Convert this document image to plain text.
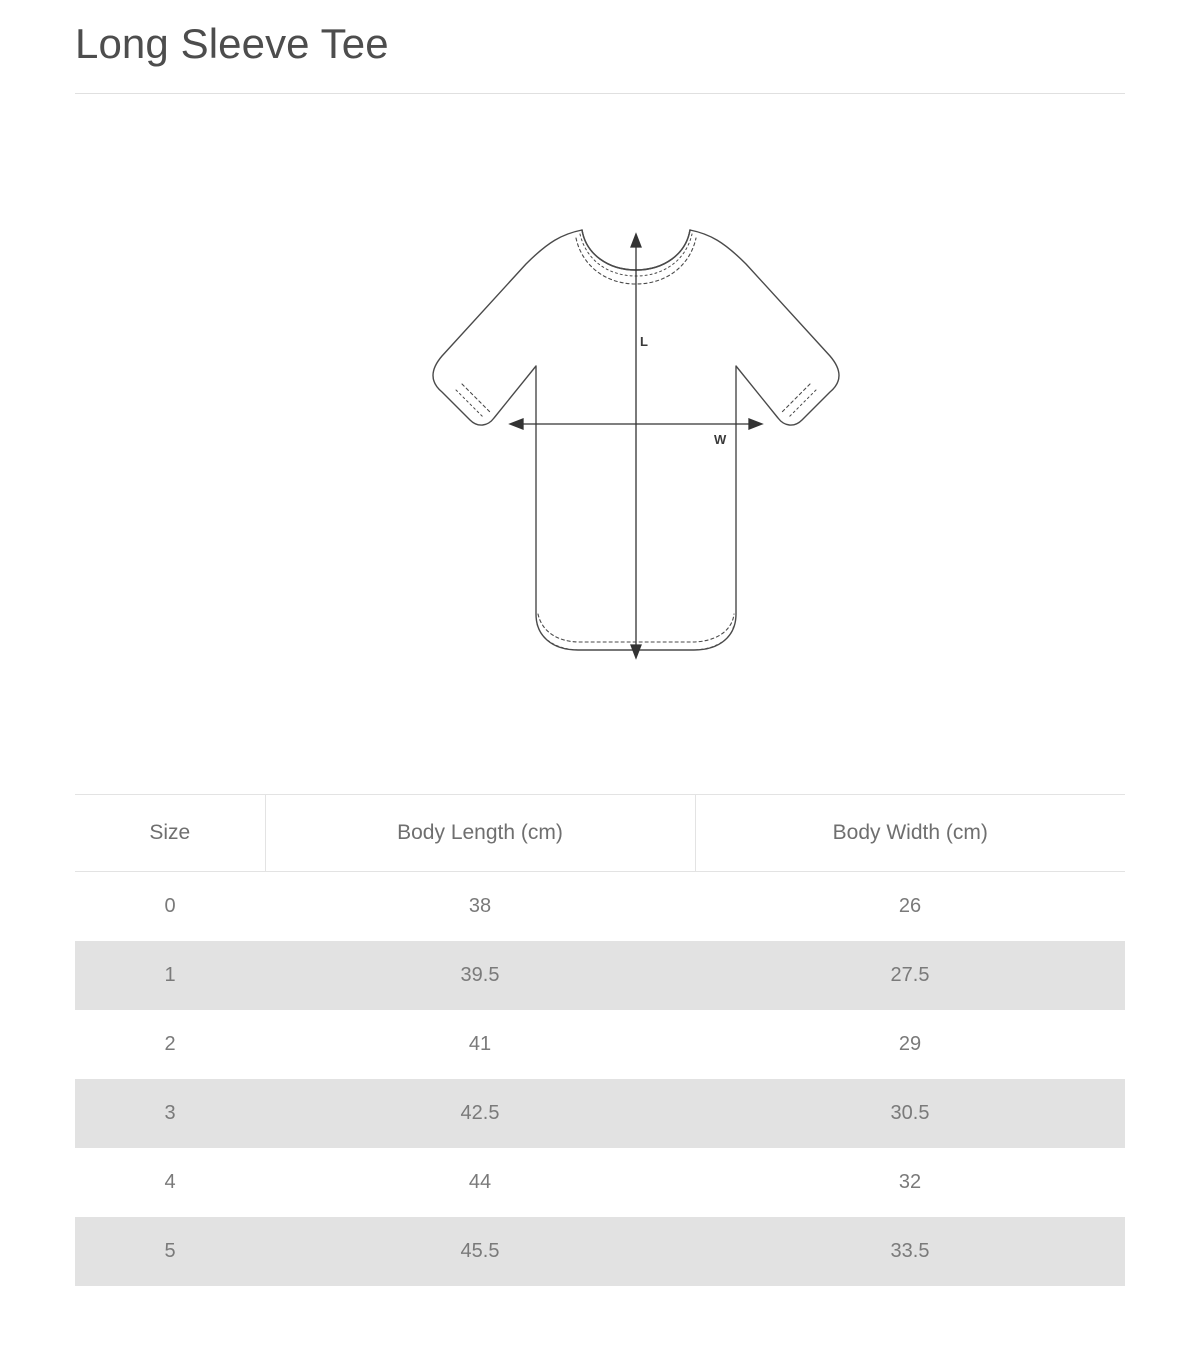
Long Sleeve Tee
L
W
Size	Body Length (cm)	Body Width (cm)
0	38	26
1	39.5	27.5
2	41	29
3	42.5	30.5
4	44	32
5	45.5	33.5
